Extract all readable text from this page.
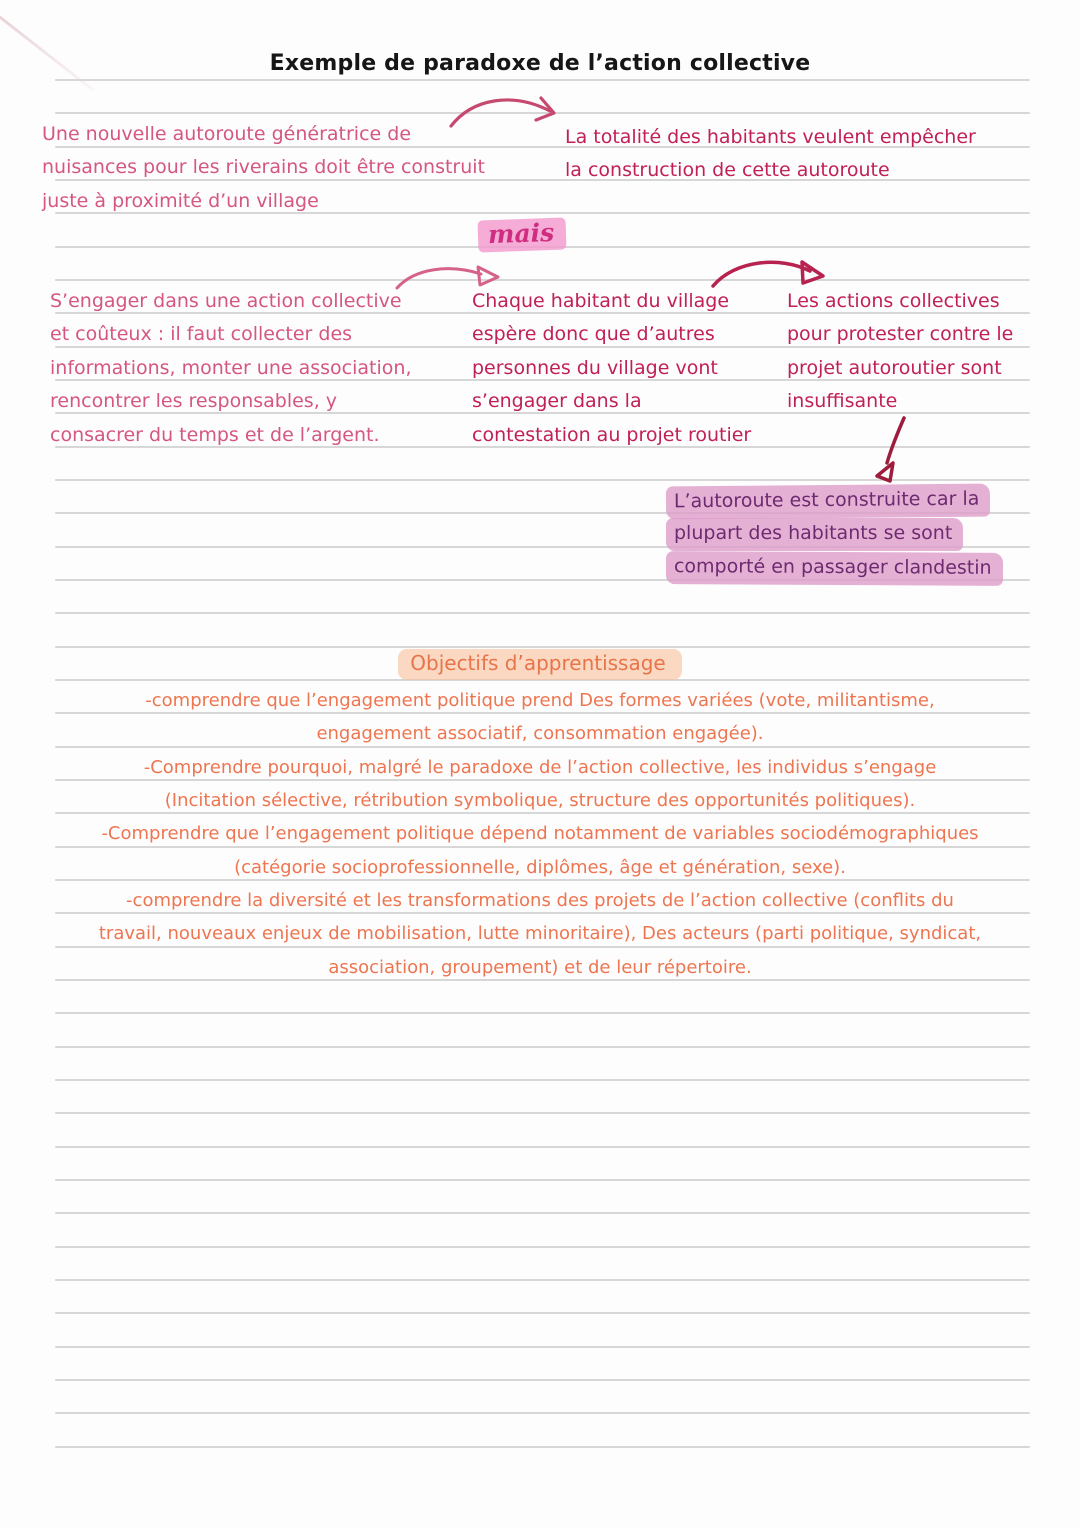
Exemple de paradoxe de l’action collective
Une nouvelle autoroute génératrice de
nuisances pour les riverains doit être construit
juste à proximité d’un village
La totalité des habitants veulent empêcher
la construction de cette autoroute
mais
S’engager dans une action collective
et coûteux : il faut collecter des
informations, monter une association,
rencontrer les responsables, y
consacrer du temps et de l’argent.
Chaque habitant du village
espère donc que d’autres
personnes du village vont
s’engager dans la
contestation au projet routier
Les actions collectives
pour protester contre le
projet autoroutier sont
insuffisante
L’autoroute est construite car la
plupart des habitants se sont
comporté en passager clandestin
Objectifs d’apprentissage
-comprendre que l’engagement politique prend Des formes variées (vote, militantisme,
engagement associatif, consommation engagée).
-Comprendre pourquoi, malgré le paradoxe de l’action collective, les individus s’engage
(Incitation sélective, rétribution symbolique, structure des opportunités politiques).
-Comprendre que l’engagement politique dépend notamment de variables sociodémographiques
(catégorie socioprofessionnelle, diplômes, âge et génération, sexe).
-comprendre la diversité et les transformations des projets de l’action collective (conflits du
travail, nouveaux enjeux de mobilisation, lutte minoritaire), Des acteurs (parti politique, syndicat,
association, groupement) et de leur répertoire.
